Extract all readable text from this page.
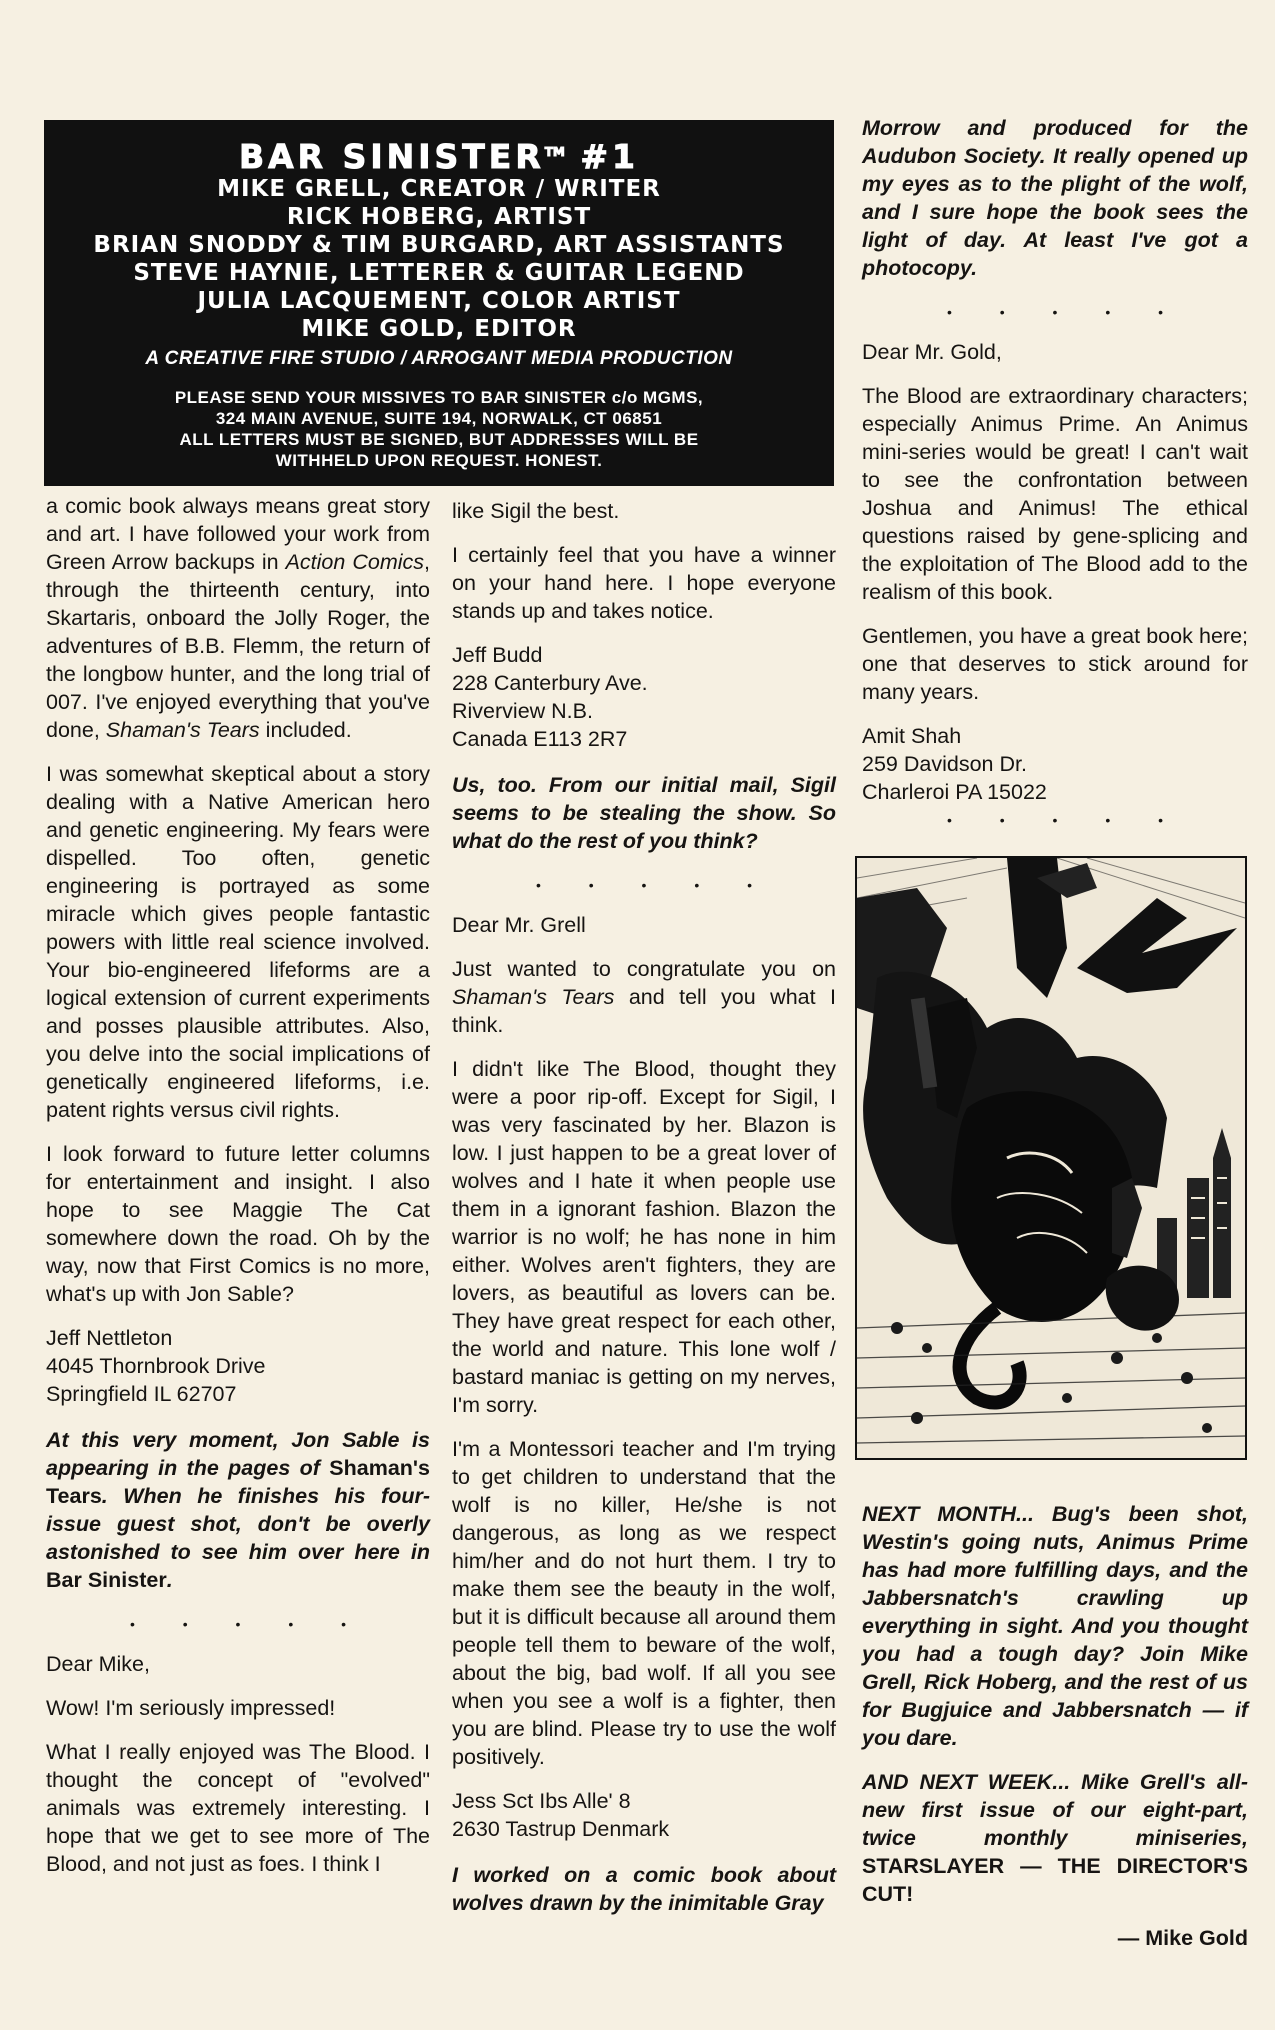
BAR SINISTER™ #1
MIKE GRELL, CREATOR / WRITER
RICK HOBERG, ARTIST
BRIAN SNODDY & TIM BURGARD, ART ASSISTANTS
STEVE HAYNIE, LETTERER & GUITAR LEGEND
JULIA LACQUEMENT, COLOR ARTIST
MIKE GOLD, EDITOR
A CREATIVE FIRE STUDIO / ARROGANT MEDIA PRODUCTION
PLEASE SEND YOUR MISSIVES TO BAR SINISTER c/o MGMS,
324 MAIN AVENUE, SUITE 194, NORWALK, CT 06851
ALL LETTERS MUST BE SIGNED, BUT ADDRESSES WILL BE
WITHHELD UPON REQUEST. HONEST.

a comic book always means great story and art. I have followed your work from Green Arrow backups in Action Comics, through the thirteenth century, into Skartaris, onboard the Jolly Roger, the adventures of B.B. Flemm, the return of the longbow hunter, and the long trial of 007. I've enjoyed everything that you've done, Shaman's Tears included.

I was somewhat skeptical about a story dealing with a Native American hero and genetic engineering. My fears were dispelled. Too often, genetic engineering is portrayed as some miracle which gives people fantastic powers with little real science involved. Your bio-engineered lifeforms are a logical extension of current experiments and posses plausible attributes. Also, you delve into the social implications of genetically engineered lifeforms, i.e. patent rights versus civil rights.

I look forward to future letter columns for entertainment and insight. I also hope to see Maggie The Cat somewhere down the road. Oh by the way, now that First Comics is no more, what's up with Jon Sable?

Jeff Nettleton
4045 Thornbrook Drive
Springfield IL 62707

At this very moment, Jon Sable is appearing in the pages of Shaman's Tears. When he finishes his four-issue guest shot, don't be overly astonished to see him over here in Bar Sinister.

• • • • •

Dear Mike,

Wow! I'm seriously impressed!

What I really enjoyed was The Blood. I thought the concept of "evolved" animals was extremely interesting. I hope that we get to see more of The Blood, and not just as foes. I think I

like Sigil the best.

I certainly feel that you have a winner on your hand here. I hope everyone stands up and takes notice.

Jeff Budd
228 Canterbury Ave.
Riverview N.B.
Canada E113 2R7

Us, too. From our initial mail, Sigil seems to be stealing the show. So what do the rest of you think?

• • • • •

Dear Mr. Grell

Just wanted to congratulate you on Shaman's Tears and tell you what I think.

I didn't like The Blood, thought they were a poor rip-off. Except for Sigil, I was very fascinated by her. Blazon is low. I just happen to be a great lover of wolves and I hate it when people use them in a ignorant fashion. Blazon the warrior is no wolf; he has none in him either. Wolves aren't fighters, they are lovers, as beautiful as lovers can be. They have great respect for each other, the world and nature. This lone wolf / bastard maniac is getting on my nerves, I'm sorry.

I'm a Montessori teacher and I'm trying to get children to understand that the wolf is no killer, He/she is not dangerous, as long as we respect him/her and do not hurt them. I try to make them see the beauty in the wolf, but it is difficult because all around them people tell them to beware of the wolf, about the big, bad wolf. If all you see when you see a wolf is a fighter, then you are blind. Please try to use the wolf positively.

Jess Sct Ibs Alle' 8
2630 Tastrup Denmark

I worked on a comic book about wolves drawn by the inimitable Gray

Morrow and produced for the Audubon Society. It really opened up my eyes as to the plight of the wolf, and I sure hope the book sees the light of day. At least I've got a photocopy.

• • • • •

Dear Mr. Gold,

The Blood are extraordinary characters; especially Animus Prime. An Animus mini-series would be great! I can't wait to see the confrontation between Joshua and Animus! The ethical questions raised by gene-splicing and the exploitation of The Blood add to the realism of this book.

Gentlemen, you have a great book here; one that deserves to stick around for many years.

Amit Shah
259 Davidson Dr.
Charleroi PA 15022

• • • • •

NEXT MONTH... Bug's been shot, Westin's going nuts, Animus Prime has had more fulfilling days, and the Jabbersnatch's crawling up everything in sight. And you thought you had a tough day? Join Mike Grell, Rick Hoberg, and the rest of us for Bugjuice and Jabbersnatch — if you dare.

AND NEXT WEEK... Mike Grell's all-new first issue of our eight-part, twice monthly miniseries, STARSLAYER — THE DIRECTOR'S CUT!

— Mike Gold
